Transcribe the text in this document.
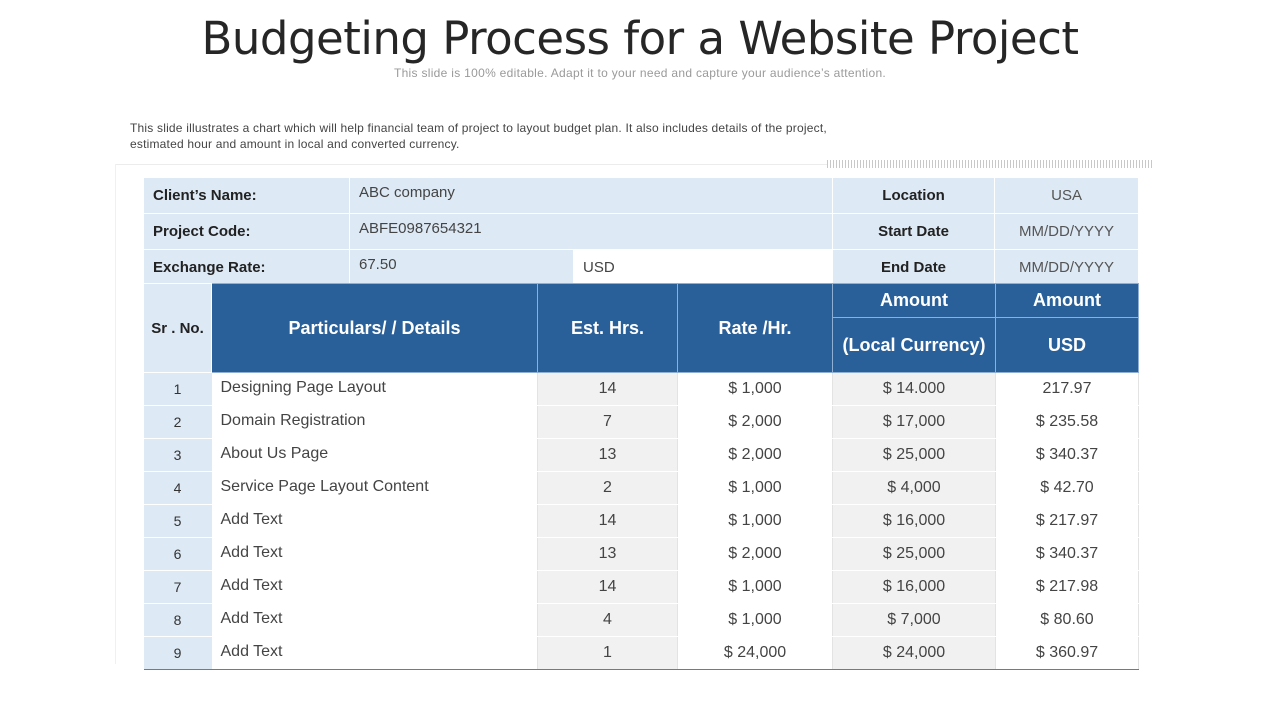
Budgeting Process for a Website Project
This slide is 100% editable. Adapt it to your need and capture your audience’s attention.
This slide illustrates a chart which will help financial team of project to layout budget plan. It also includes details of the project, estimated hour and amount in local and converted currency.
Client’s Name:	ABC company			Location	USA
Project Code:	ABFE0987654321			Start Date	MM/DD/YYYY
Exchange Rate:	67.50	USD		End Date	MM/DD/YYYY
Sr . No.	Particulars/ / Details	Est. Hrs.	Rate /Hr.	Amount	Amount
				(Local Currency)	USD
1	Designing Page Layout	14	$ 1,000	$ 14.000	217.97
2	Domain Registration	7	$ 2,000	$ 17,000	$ 235.58
3	About Us Page	13	$ 2,000	$ 25,000	$ 340.37
4	Service Page Layout Content	2	$ 1,000	$ 4,000	$ 42.70
5	Add Text	14	$ 1,000	$ 16,000	$ 217.97
6	Add Text	13	$ 2,000	$ 25,000	$ 340.37
7	Add Text	14	$ 1,000	$ 16,000	$ 217.98
8	Add Text	4	$ 1,000	$ 7,000	$ 80.60
9	Add Text	1	$ 24,000	$ 24,000	$ 360.97
